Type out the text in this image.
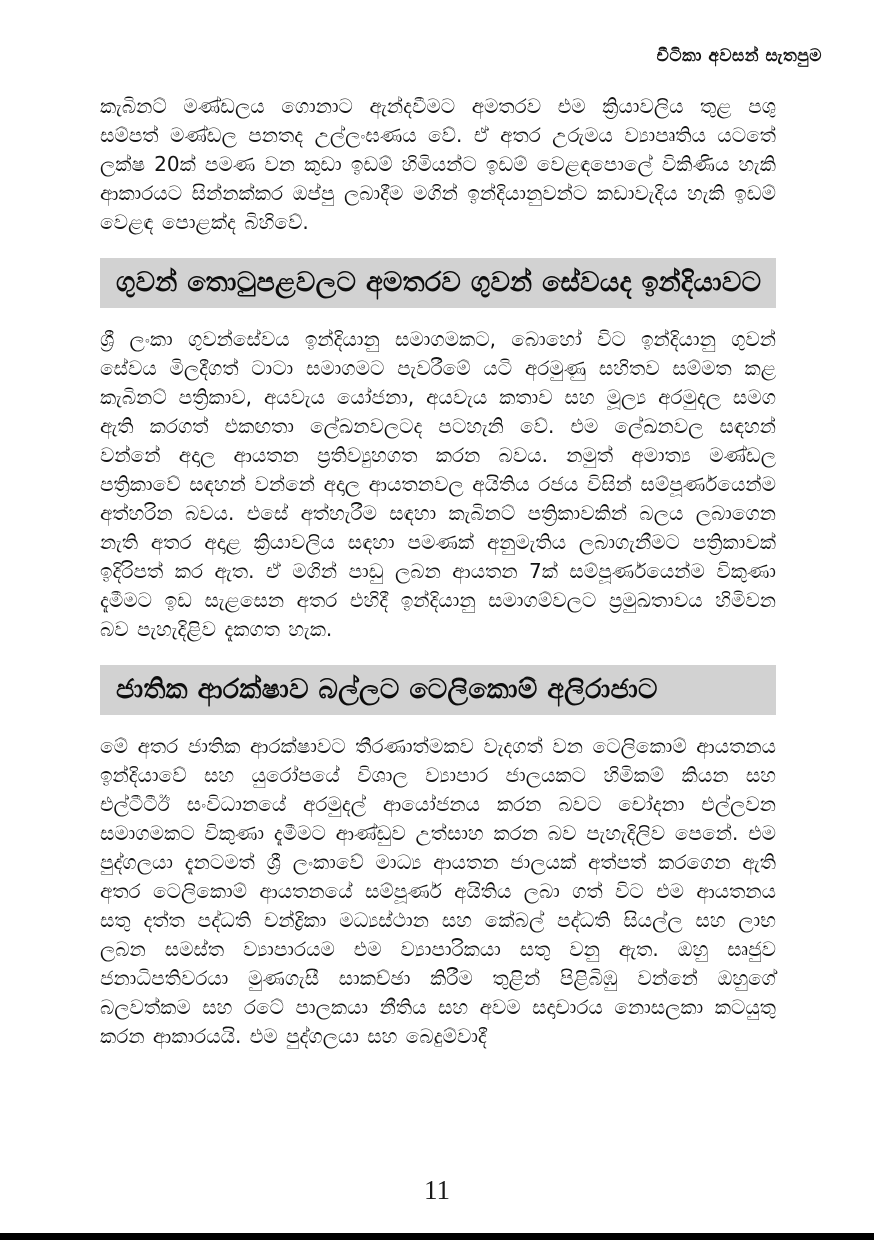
චීටිකා අවසන් සැතපුම

කැබිනට් මණ්ඩලය ගොනාට ඇන්දවීමට අමතරව එම ක්‍රියාවලිය තුළ පශු සම්පත් මණ්ඩල පනතද උල්ලංඝණය වේ. ඒ අතර උරුමය ව්‍යාපෘතිය යටතේ ලක්ෂ 20ක් පමණ වන කුඩා ඉඩම් හිමියන්ට ඉඩම් වෙළඳපොලේ විකිණිය හැකි ආකාරයට සින්නක්කර ඔප්පු ලබාදීම මගින් ඉන්දියානුවන්ට කඩාවැදිය හැකි ඉඩම් වෙළඳ පොළක්ද බිහිවේ.

ගුවන් තොටුපළවලට අමතරව ගුවන් සේවයද ඉන්දියාවට

ශ්‍රී ලංකා ගුවන්සේවය ඉන්දියානු සමාගමකට, බොහෝ විට ඉන්දියානු ගුවන් සේවය මිලදීගත් ටාටා සමාගමට පැවරීමේ යටි අරමුණු සහිතව සම්මත කළ කැබිනට් පත්‍රිකාව, අයවැය යෝජනා, අයවැය කතාව සහ මූල්‍ය අරමුදල සමග ඇති කරගත් එකඟතා ලේඛනවලටද පටහැනි වේ. එම ලේඛනවල සඳහන් වන්නේ අදාල ආයතන ප්‍රතිව්‍යුහගත කරන බවය. නමුත් අමාත්‍ය මණ්ඩල පත්‍රිකාවේ සඳහන් වන්නේ අදාල ආයතනවල අයිතිය රජය විසින් සම්පූර්ණයෙන්ම අත්හරින බවය. එසේ අත්හැරීම සඳහා කැබිනට් පත්‍රිකාවකින් බලය ලබාගෙන නැති අතර අදාළ ක්‍රියාවලිය සඳහා පමණක් අනුමැතිය ලබාගැනීමට පත්‍රිකාවක් ඉදිරිපත් කර ඇත. ඒ මගින් පාඩු ලබන ආයතන 7ක් සම්පූර්ණයෙන්ම විකුණා දැමීමට ඉඩ සැළසෙන අතර එහිදී ඉන්දියානු සමාගම්වලට ප්‍රමුඛතාවය හිමිවන බව පැහැදිළිව දැකගත හැක.

ජාතික ආරක්ෂාව බල්ලට ටෙලිකොම් අලිරාජාට

මේ අතර ජාතික ආරක්ෂාවට තීරණාත්මකව වැදගත් වන ටෙලිකොම් ආයතනය ඉන්දියාවේ සහ යුරෝපයේ විශාල ව්‍යාපාර ජාලයකට හිමිකම් කියන සහ එල්ටීටීඊ සංවිධානයේ අරමුදල් ආයෝජනය කරන බවට චෝදනා එල්ලවන සමාගමකට විකුණා දැමීමට ආණ්ඩුව උත්සාහ කරන බව පැහැදිලිව පෙනේ. එම පුද්ගලයා දැනටමත් ශ්‍රී ලංකාවේ මාධ්‍ය ආයතන ජාලයක් අත්පත් කරගෙන ඇති අතර ටෙලිකොම් ආයතනයේ සම්පූර්ණ අයිතිය ලබා ගත් විට එම ආයතනය සතු දත්ත පද්ධති චන්ද්‍රිකා මධ්‍යස්ථාන සහ කේබල් පද්ධති සියල්ල සහ ලාභ ලබන සමස්ත ව්‍යාපාරයම එම ව්‍යාපාරිකයා සතු වනු ඇත. ඔහු සෘජුව ජනාධිපතිවරයා මුණගැසී සාකච්ඡා කිරීම තුළින් පිළිබිඹු වන්නේ ඔහුගේ බලවත්කම සහ රටේ පාලකයා නීතිය සහ අවම සදාචාරය නොසලකා කටයුතු කරන ආකාරයයි. එම පුද්ගලයා සහ බෙදුම්වාදී

11
